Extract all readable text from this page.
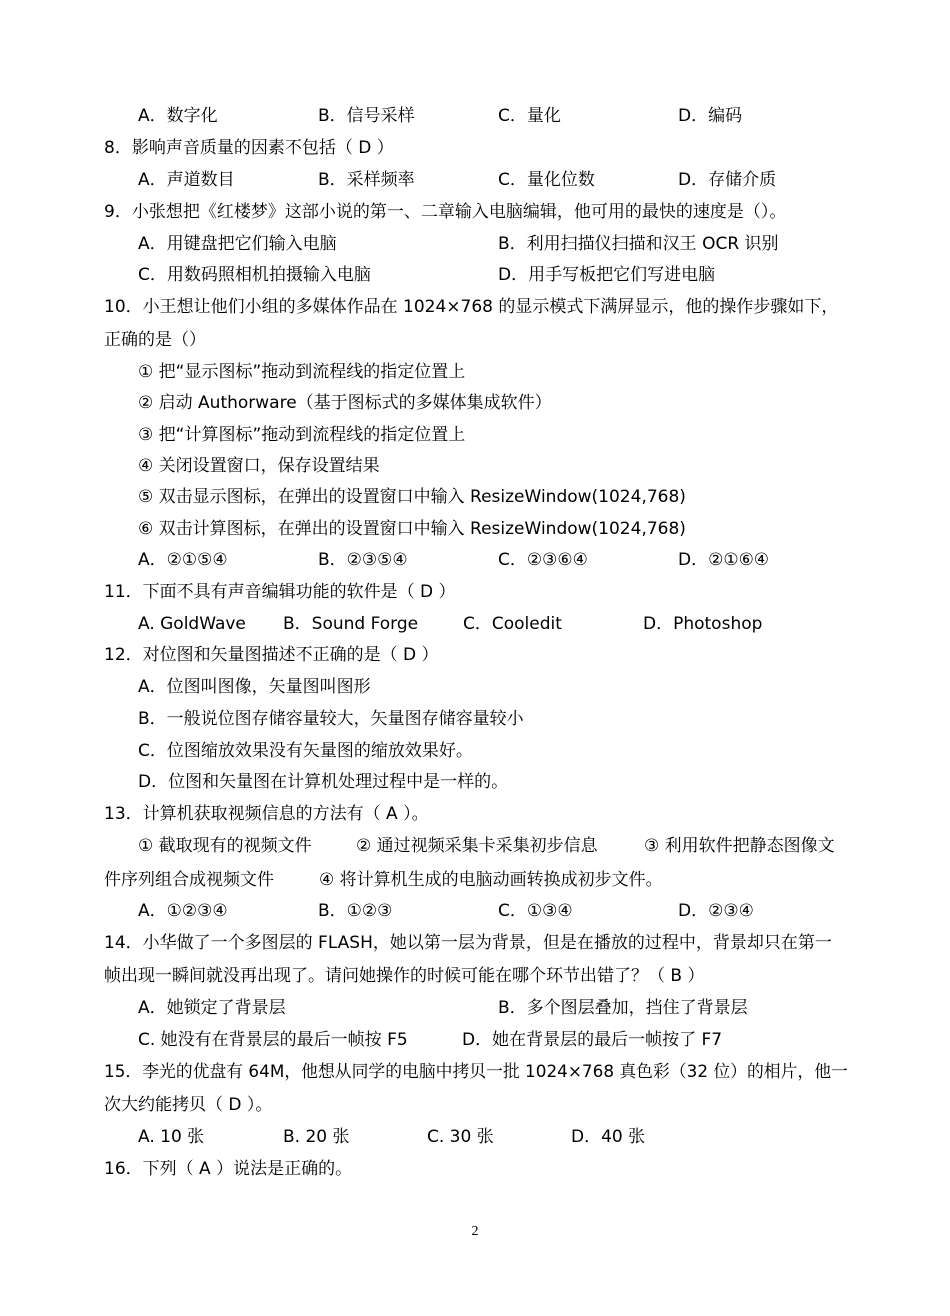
A．数字化	B．信号采样	C．量化	D．编码
8．影响声音质量的因素不包括（ D ）
A．声道数目	B．采样频率	C．量化位数	D．存储介质
9．小张想把《红楼梦》这部小说的第一、二章输入电脑编辑，他可用的最快的速度是（）。
A．用键盘把它们输入电脑	B．利用扫描仪扫描和汉王 OCR 识别
C．用数码照相机拍摄输入电脑	D．用手写板把它们写进电脑
10．小王想让他们小组的多媒体作品在 1024×768 的显示模式下满屏显示，他的操作步骤如下，
正确的是（）
① 把“显示图标”拖动到流程线的指定位置上
② 启动 Authorware（基于图标式的多媒体集成软件）
③ 把“计算图标”拖动到流程线的指定位置上
④ 关闭设置窗口，保存设置结果
⑤ 双击显示图标，在弹出的设置窗口中输入 ResizeWindow(1024,768)
⑥ 双击计算图标，在弹出的设置窗口中输入 ResizeWindow(1024,768)
A．②①⑤④	B．②③⑤④	C．②③⑥④	D．②①⑥④
11．下面不具有声音编辑功能的软件是（ D ）
A. GoldWave B．Sound Forge	C．Cooledit	D．Photoshop
12．对位图和矢量图描述不正确的是（ D ）
A．位图叫图像，矢量图叫图形
B．一般说位图存储容量较大，矢量图存储容量较小
C．位图缩放效果没有矢量图的缩放效果好。
D．位图和矢量图在计算机处理过程中是一样的。
13．计算机获取视频信息的方法有（ A ）。
① 截取现有的视频文件	② 通过视频采集卡采集初步信息	③ 利用软件把静态图像文
件序列组合成视频文件	④ 将计算机生成的电脑动画转换成初步文件。
A．①②③④	B．①②③	C．①③④	D．②③④
14．小华做了一个多图层的 FLASH，她以第一层为背景，但是在播放的过程中，背景却只在第一
帧出现一瞬间就没再出现了。请问她操作的时候可能在哪个环节出错了？（ B ）
A．她锁定了背景层	B．多个图层叠加，挡住了背景层
C. 她没有在背景层的最后一帧按 F5	D．她在背景层的最后一帧按了 F7
15．李光的优盘有 64M，他想从同学的电脑中拷贝一批 1024×768 真色彩（32 位）的相片，他一
次大约能拷贝（ D ）。
A. 10 张	B. 20 张	C. 30 张	D．40 张
16．下列（ A ）说法是正确的。
2
